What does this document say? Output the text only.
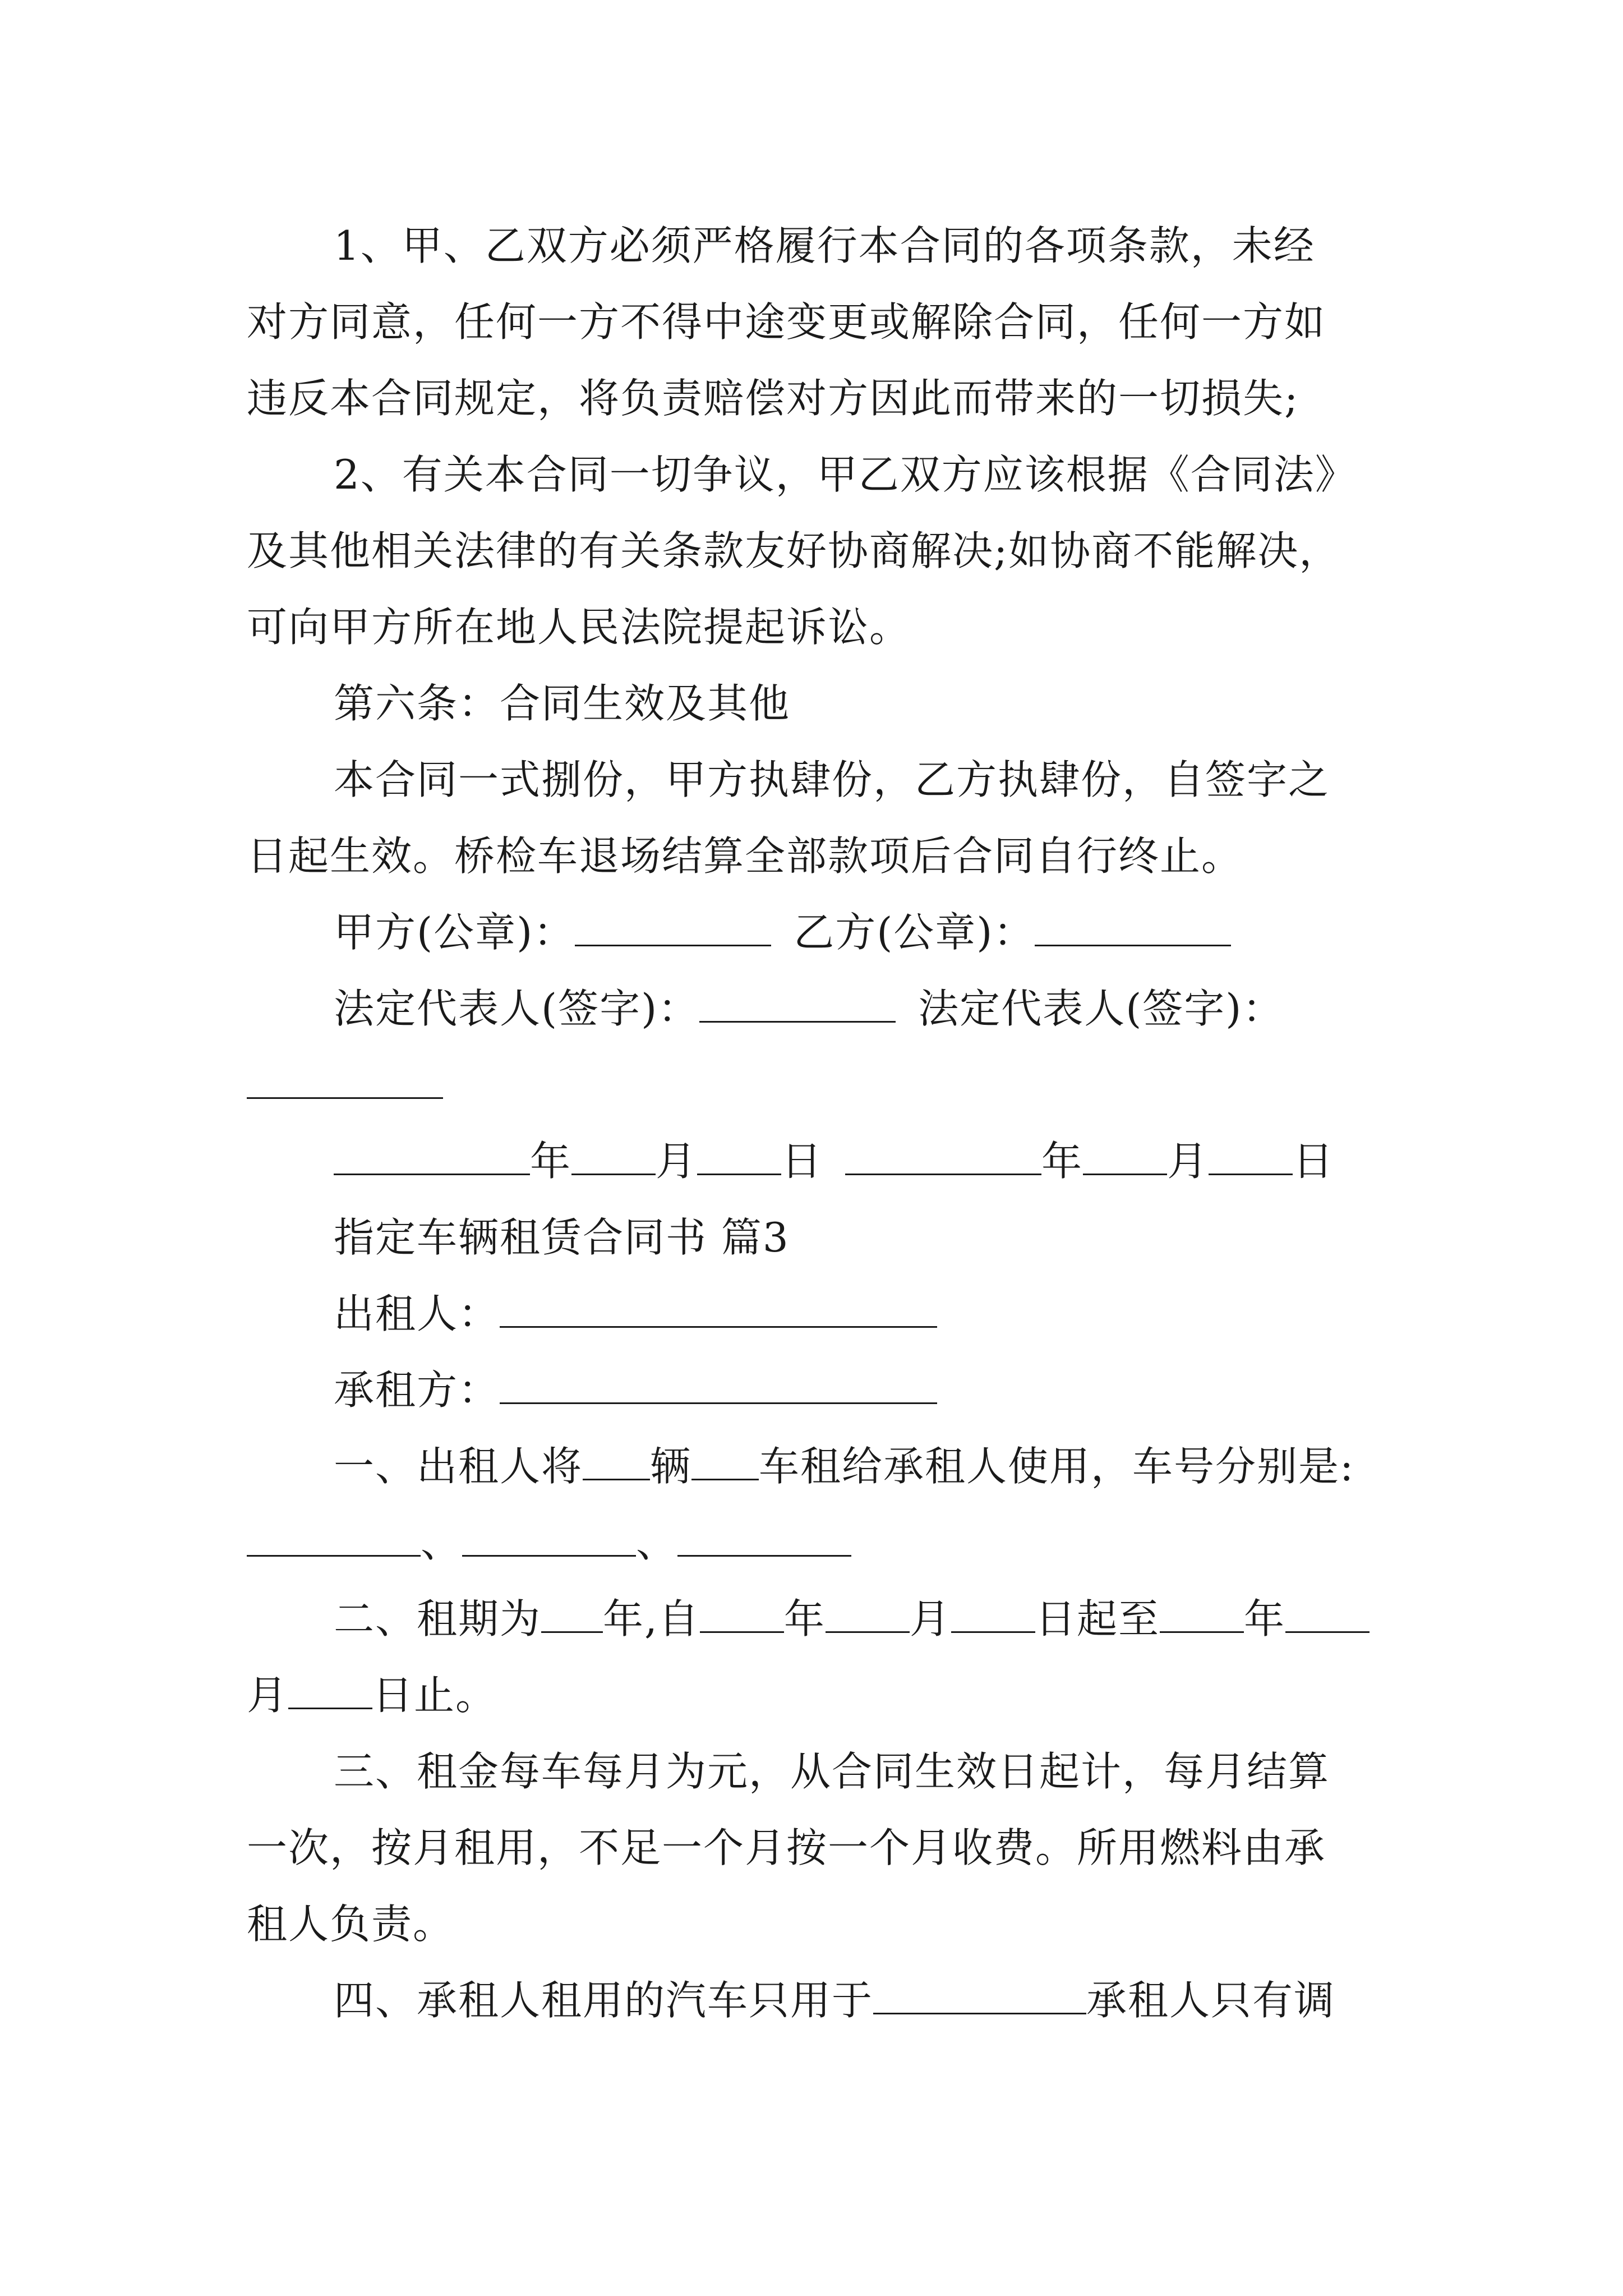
1、甲、乙双方必须严格履行本合同的各项条款，未经
对方同意，任何一方不得中途变更或解除合同，任何一方如
违反本合同规定，将负责赔偿对方因此而带来的一切损失;
2、有关本合同一切争议，甲乙双方应该根据《合同法》
及其他相关法律的有关条款友好协商解决;如协商不能解决，
可向甲方所在地人民法院提起诉讼。
第六条：合同生效及其他
本合同一式捌份，甲方执肆份，乙方执肆份，自签字之
日起生效。桥检车退场结算全部款项后合同自行终止。
甲方(公章)：	乙方(公章)：
法定代表人(签字)：	法定代表人(签字)：
年 月 日	年 月 日
指定车辆租赁合同书 篇3
出租人：
承租方：
一、出租人将 辆 车租给承租人使用，车号分别是:
、	、
二、租期为 年,自 年 月 日起至 年
月 日止。
三、租金每车每月为元，从合同生效日起计，每月结算
一次，按月租用，不足一个月按一个月收费。所用燃料由承
租人负责。
四、承租人租用的汽车只用于	承租人只有调
